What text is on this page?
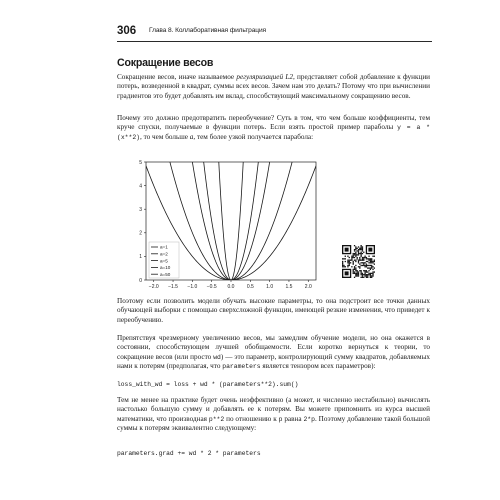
306 Глава 8. Коллаборативная фильтрация
Сокращение весов

Сокращение весов, иначе называемое регуляризацией L2, представляет собой добавление к функции потерь, возведенной в квадрат, суммы всех весов. Зачем нам это делать? Потому что при вычислении градиентов это будет добавлять им вклад, способствующий максимальному сокращению весов.

Почему это должно предотвратить переобучение? Суть в том, что чем больше коэффициенты, тем круче спуски, получаемые в функции потерь. Если взять простой пример параболы y = a * (x**2), то чем больше a, тем более узкой получается парабола:

−2.0 −1.5 −1.0 −0.5 0.0 0.5 1.0 1.5 2.0
0
1
2
3
4
5
a=1
a=2
a=5
a=10
a=50

Поэтому если позволить модели обучать высокие параметры, то она подстроит все точки данных обучающей выборки с помощью сверхсложной функции, имеющей резкие изменения, что приведет к переобучению.

Препятствуя чрезмерному увеличению весов, мы замедлим обучение модели, но она окажется в состоянии, способствующем лучшей обобщаемости. Если коротко вернуться к теории, то сокращение весов (или просто wd) — это параметр, контролирующий сумму квадратов, добавляемых нами к потерям (предполагая, что parameters является тензором всех параметров):

loss_with_wd = loss + wd * (parameters**2).sum()

Тем не менее на практике будет очень неэффективно (а может, и численно нестабильно) вычислять настолько большую сумму и добавлять ее к потерям. Вы можете припомнить из курса высшей математики, что производная p**2 по отношению к p равна 2*p. Поэтому добавление такой большой суммы к потерям эквивалентно следующему:

parameters.grad += wd * 2 * parameters
